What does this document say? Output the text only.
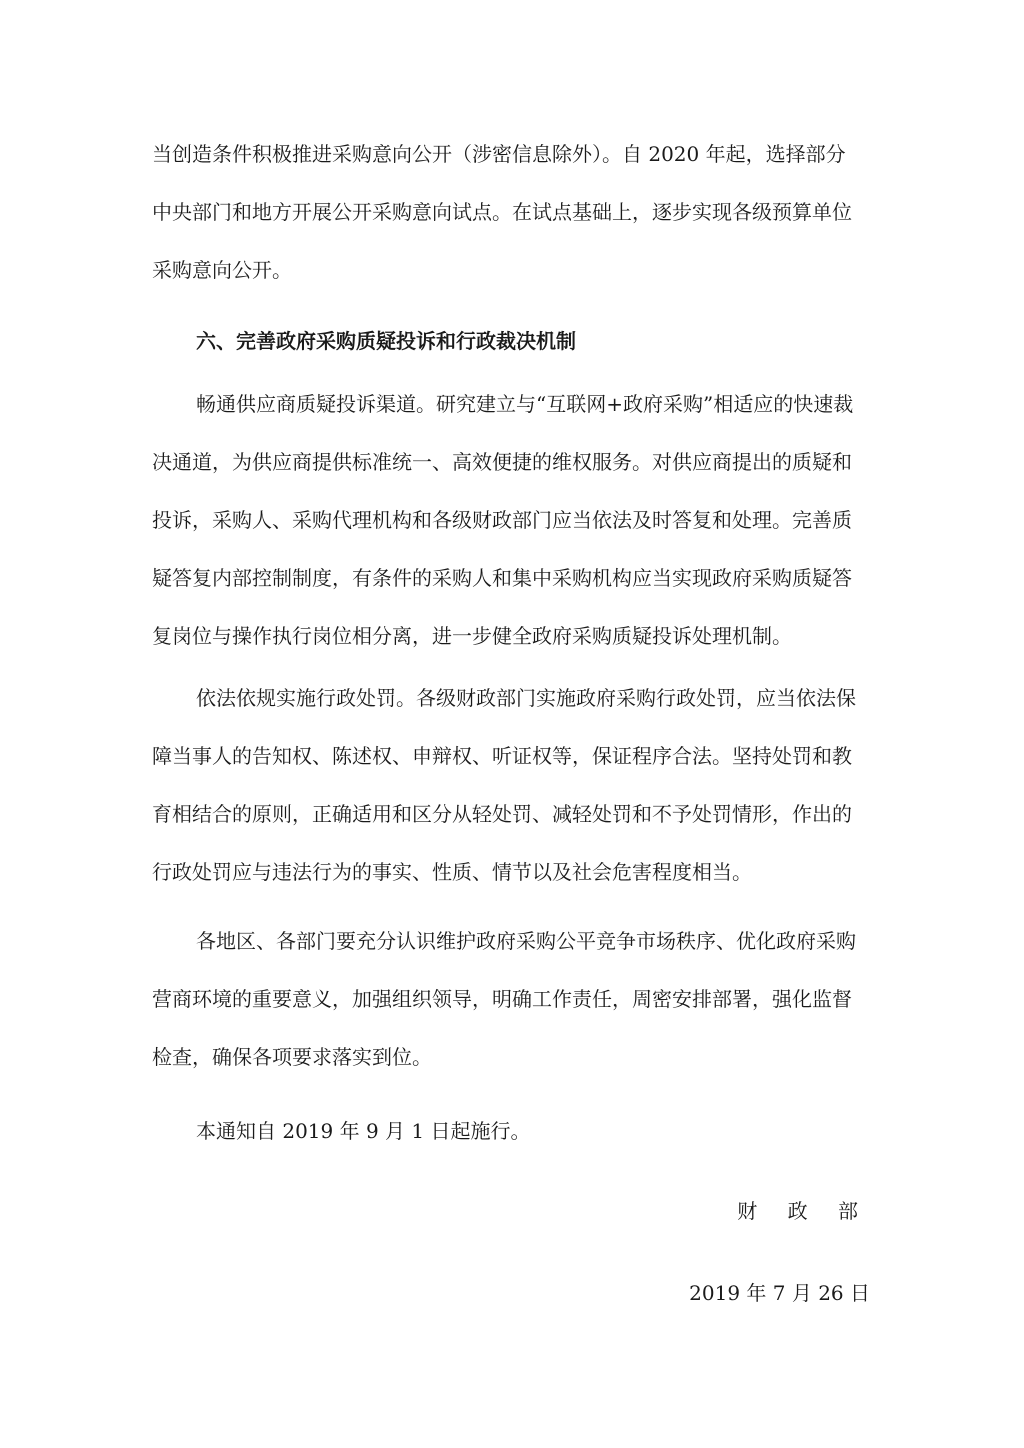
当创造条件积极推进采购意向公开（涉密信息除外）。自 2020 年起，选择部分
中央部门和地方开展公开采购意向试点。在试点基础上，逐步实现各级预算单位
采购意向公开。
六、完善政府采购质疑投诉和行政裁决机制
畅通供应商质疑投诉渠道。研究建立与“互联网+政府采购”相适应的快速裁
决通道，为供应商提供标准统一、高效便捷的维权服务。对供应商提出的质疑和
投诉，采购人、采购代理机构和各级财政部门应当依法及时答复和处理。完善质
疑答复内部控制制度，有条件的采购人和集中采购机构应当实现政府采购质疑答
复岗位与操作执行岗位相分离，进一步健全政府采购质疑投诉处理机制。
依法依规实施行政处罚。各级财政部门实施政府采购行政处罚，应当依法保
障当事人的告知权、陈述权、申辩权、听证权等，保证程序合法。坚持处罚和教
育相结合的原则，正确适用和区分从轻处罚、减轻处罚和不予处罚情形，作出的
行政处罚应与违法行为的事实、性质、情节以及社会危害程度相当。
各地区、各部门要充分认识维护政府采购公平竞争市场秩序、优化政府采购
营商环境的重要意义，加强组织领导，明确工作责任，周密安排部署，强化监督
检查，确保各项要求落实到位。
本通知自 2019 年 9 月 1 日起施行。
财 政 部
2019 年 7 月 26 日
